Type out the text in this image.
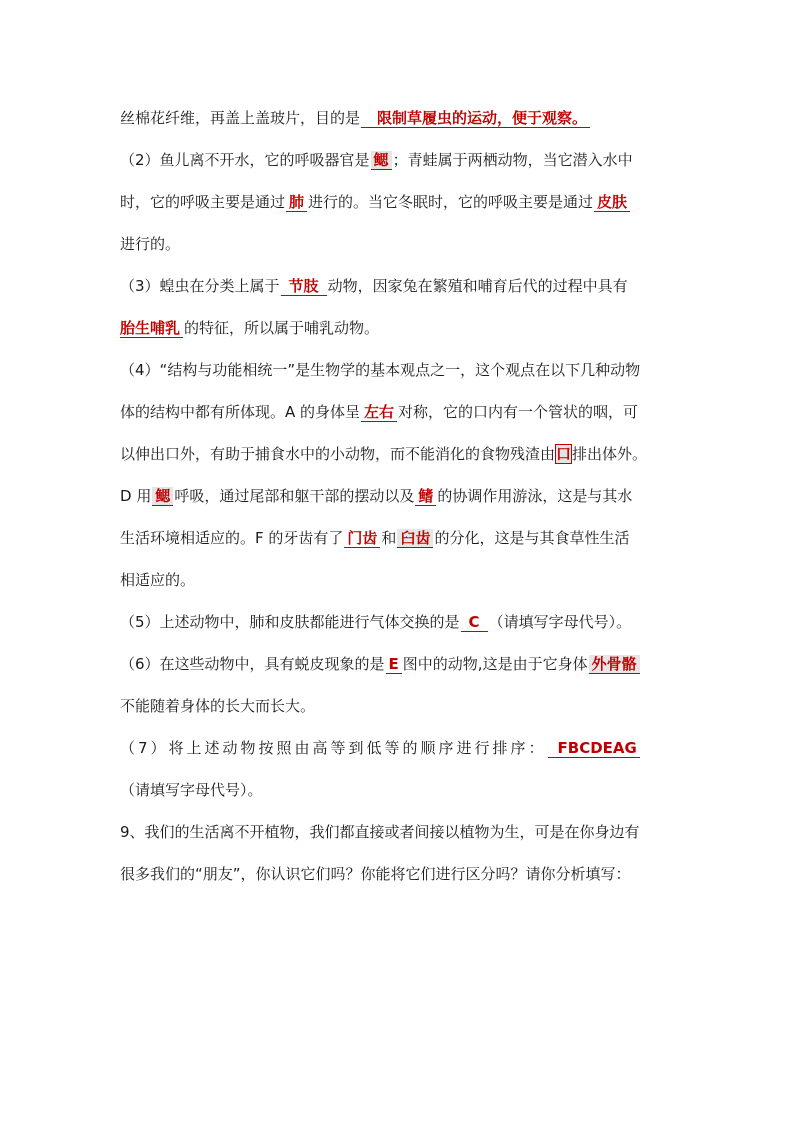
丝棉花纤维，再盖上盖玻片，目的是 限制草履虫的运动，便于观察。
（2）鱼儿离不开水，它的呼吸器官是 鳃 ；青蛙属于两栖动物，当它潜入水中
时，它的呼吸主要是通过 肺 进行的。当它冬眠时，它的呼吸主要是通过 皮肤
进行的。
（3）蝗虫在分类上属于 节肢 动物，因家兔在繁殖和哺育后代的过程中具有
胎生哺乳 的特征，所以属于哺乳动物。
（4）“结构与功能相统一”是生物学的基本观点之一，这个观点在以下几种动物
体的结构中都有所体现。A 的身体呈 左右 对称，它的口内有一个管状的咽，可
以伸出口外，有助于捕食水中的小动物，而不能消化的食物残渣由口排出体外。
D 用 鳃 呼吸，通过尾部和躯干部的摆动以及 鳍 的协调作用游泳，这是与其水
生活环境相适应的。F 的牙齿有了 门齿 和 臼齿 的分化，这是与其食草性生活
相适应的。
（5）上述动物中，肺和皮肤都能进行气体交换的是 C （请填写字母代号）。
（6）在这些动物中，具有蜕皮现象的是 E 图中的动物,这是由于它身体 外骨骼
不能随着身体的长大而长大。
（7）将上述动物按照由高等到低等的顺序进行排序： FBCDEAG
（请填写字母代号）。
9、我们的生活离不开植物，我们都直接或者间接以植物为生，可是在你身边有
很多我们的“朋友”，你认识它们吗？你能将它们进行区分吗？请你分析填写：
